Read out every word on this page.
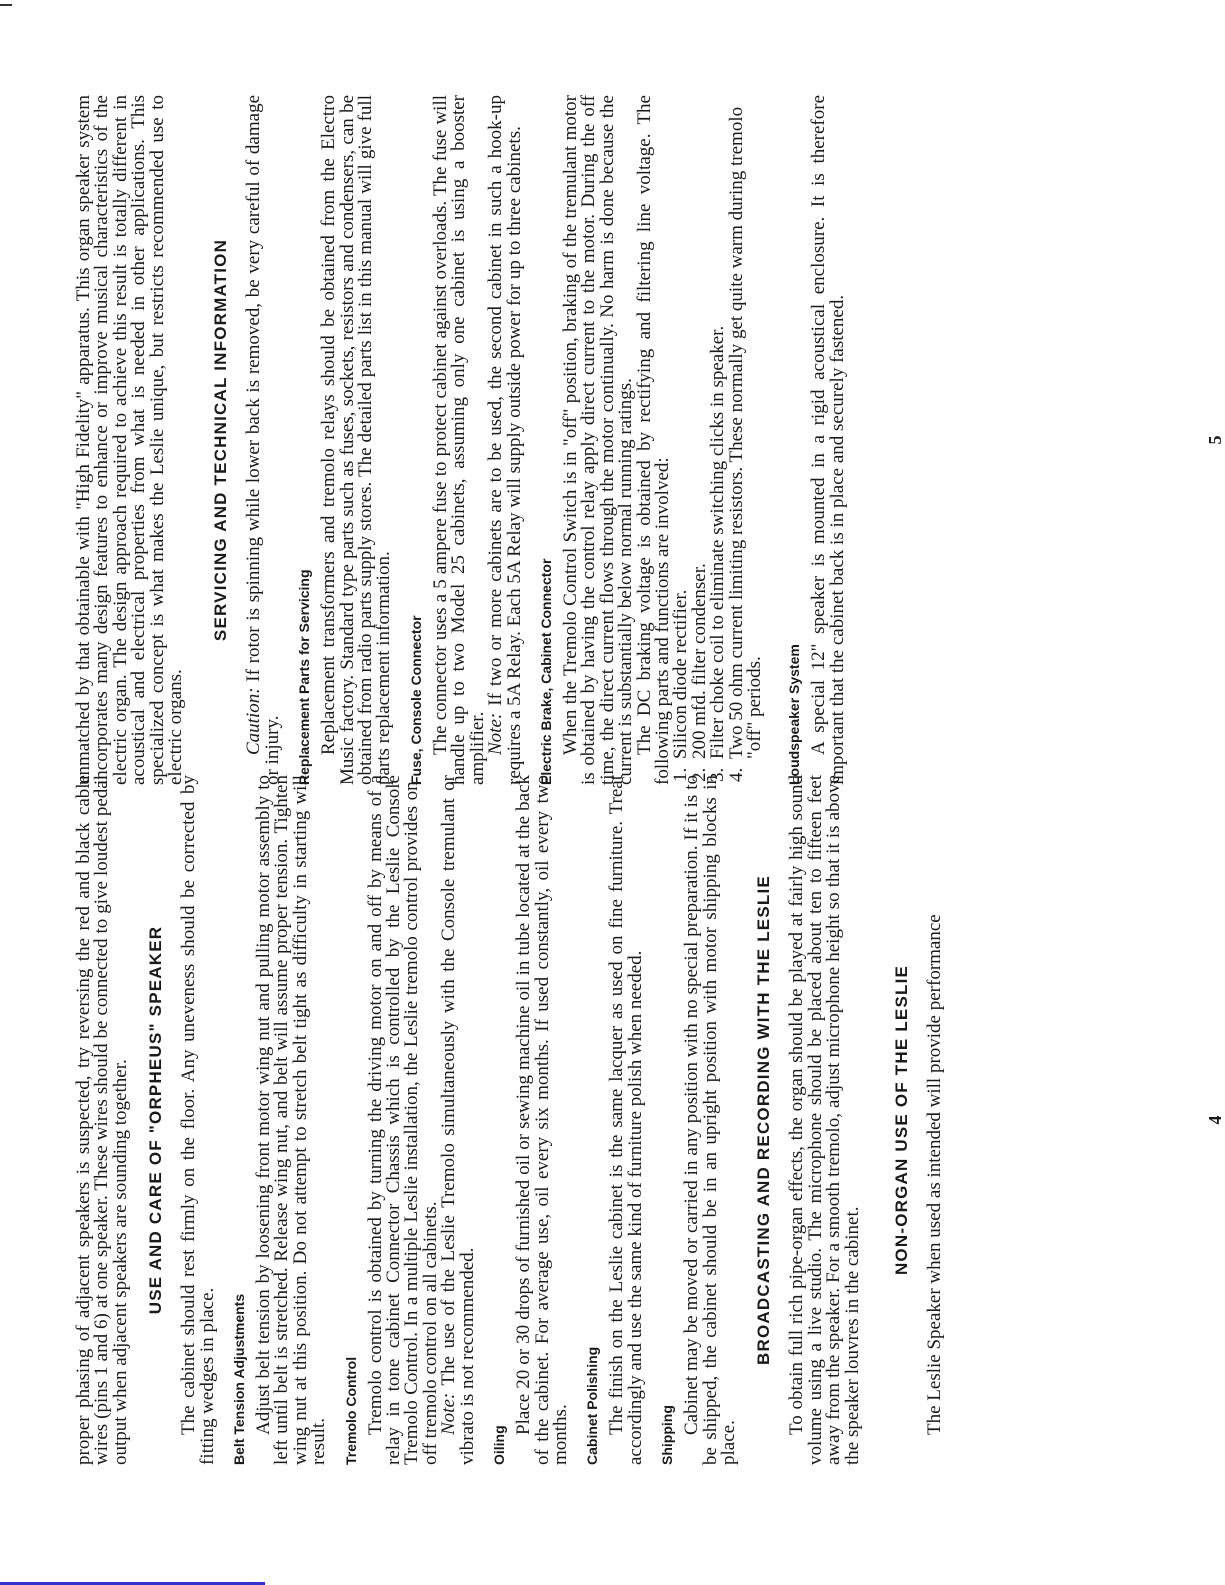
proper phasing of adjacent speakers is suspected, try reversing the red and black cable wires (pins 1 and 6) at one speaker. These wires should be connected to give loudest pedal output when adjacent speakers are sounding together. USE AND CARE OF "ORPHEUS" SPEAKER The cabinet should rest firmly on the floor. Any uneveness should be corrected by fitting wedges in place. Belt Tension Adjustments Adjust belt tension by loosening front motor wing nut and pulling motor assembly to left until belt is stretched. Release wing nut, and belt will assume proper tension. Tighten wing nut at this position. Do not attempt to stretch belt tight as difficulty in starting will result. Tremolo Control Tremolo control is obtained by turning the driving motor on and off by means of a relay in tone cabinet Connector Chassis which is controlled by the Leslie Console Tremolo Control. In a multiple Leslie installation, the Leslie tremolo control provides on-off tremolo control on all cabinets.

Note: The use of the Leslie Tremolo simultaneously with the Console tremulant or vibrato is not recommended. Oiling

Place 20 or 30 drops of furnished oil or sewing machine oil in tube located at the back of the cabinet. For average use, oil every six months. If used constantly, oil every two months. Cabinet Polishing The finish on the Leslie cabinet is the same lacquer as used on fine furniture. Treat accordingly and use the same kind of furniture polish when needed. Shipping

Cabinet may be moved or carried in any position with no special preparation. If it is to be shipped, the cabinet should be in an upright position with motor shipping blocks in place.

BROADCASTING AND RECORDING WITH THE LESLIE To obtain full rich pipe-organ effects, the organ should be played at fairly high sound volume using a live studio. The microphone should be placed about ten to fifteen feet away from the speaker. For a smooth tremolo, adjust microphone height so that it is above the speaker louvres in the cabinet.

NON-ORGAN USE OF THE LESLIE The Leslie Speaker when used as intended will provide performance	4

unmatched by that obtainable with "High Fidelity" apparatus. This organ speaker system incorporates many design features to enhance or improve musical characteristics of the electric organ. The design approach required to achieve this result is totally different in acoustical and electrical properties from what is needed in other applications. This specialized concept is what makes the Leslie unique, but restricts recommended use to electric organs.

SERVICING AND TECHNICAL INFORMATION

Caution: If rotor is spinning while lower back is removed, be very careful of damage or injury. Replacement Parts for Servicing Replacement transformers and tremolo relays should be obtained from the Electro Music factory. Standard type parts such as fuses, sockets, resistors and condensers, can be obtained from radio parts supply stores. The detailed parts list in this manual will give full parts replacement information. Fuse, Console Connector The connector uses a 5 ampere fuse to protect cabinet against overloads. The fuse will handle up to two Model 25 cabinets, assuming only one cabinet is using a booster amplifier.

Note: If two or more cabinets are to be used, the second cabinet in such a hook-up requires a 5A Relay. Each 5A Relay will supply outside power for up to three cabinets. Electric Brake, Cabinet Connector When the Tremolo Control Switch is in "off" position, braking of the tremulant motor is obtained by having the control relay apply direct current to the motor. During the off time, the direct current flows through the motor continually. No harm is done because the current is substantially below normal running ratings.

The DC braking voltage is obtained by rectifying and filtering line voltage. The following parts and functions are involved:

1. Silicon diode rectifier.
2. 200 mfd. filter condenser.
3. Filter choke coil to eliminate switching clicks in speaker.
4. Two 50 ohm current limiting resistors. These normally get quite warm during tremolo "off" periods. Loudspeaker System A special 12" speaker is mounted in a rigid acoustical enclosure. It is therefore important that the cabinet back is in place and securely fastened.	5
